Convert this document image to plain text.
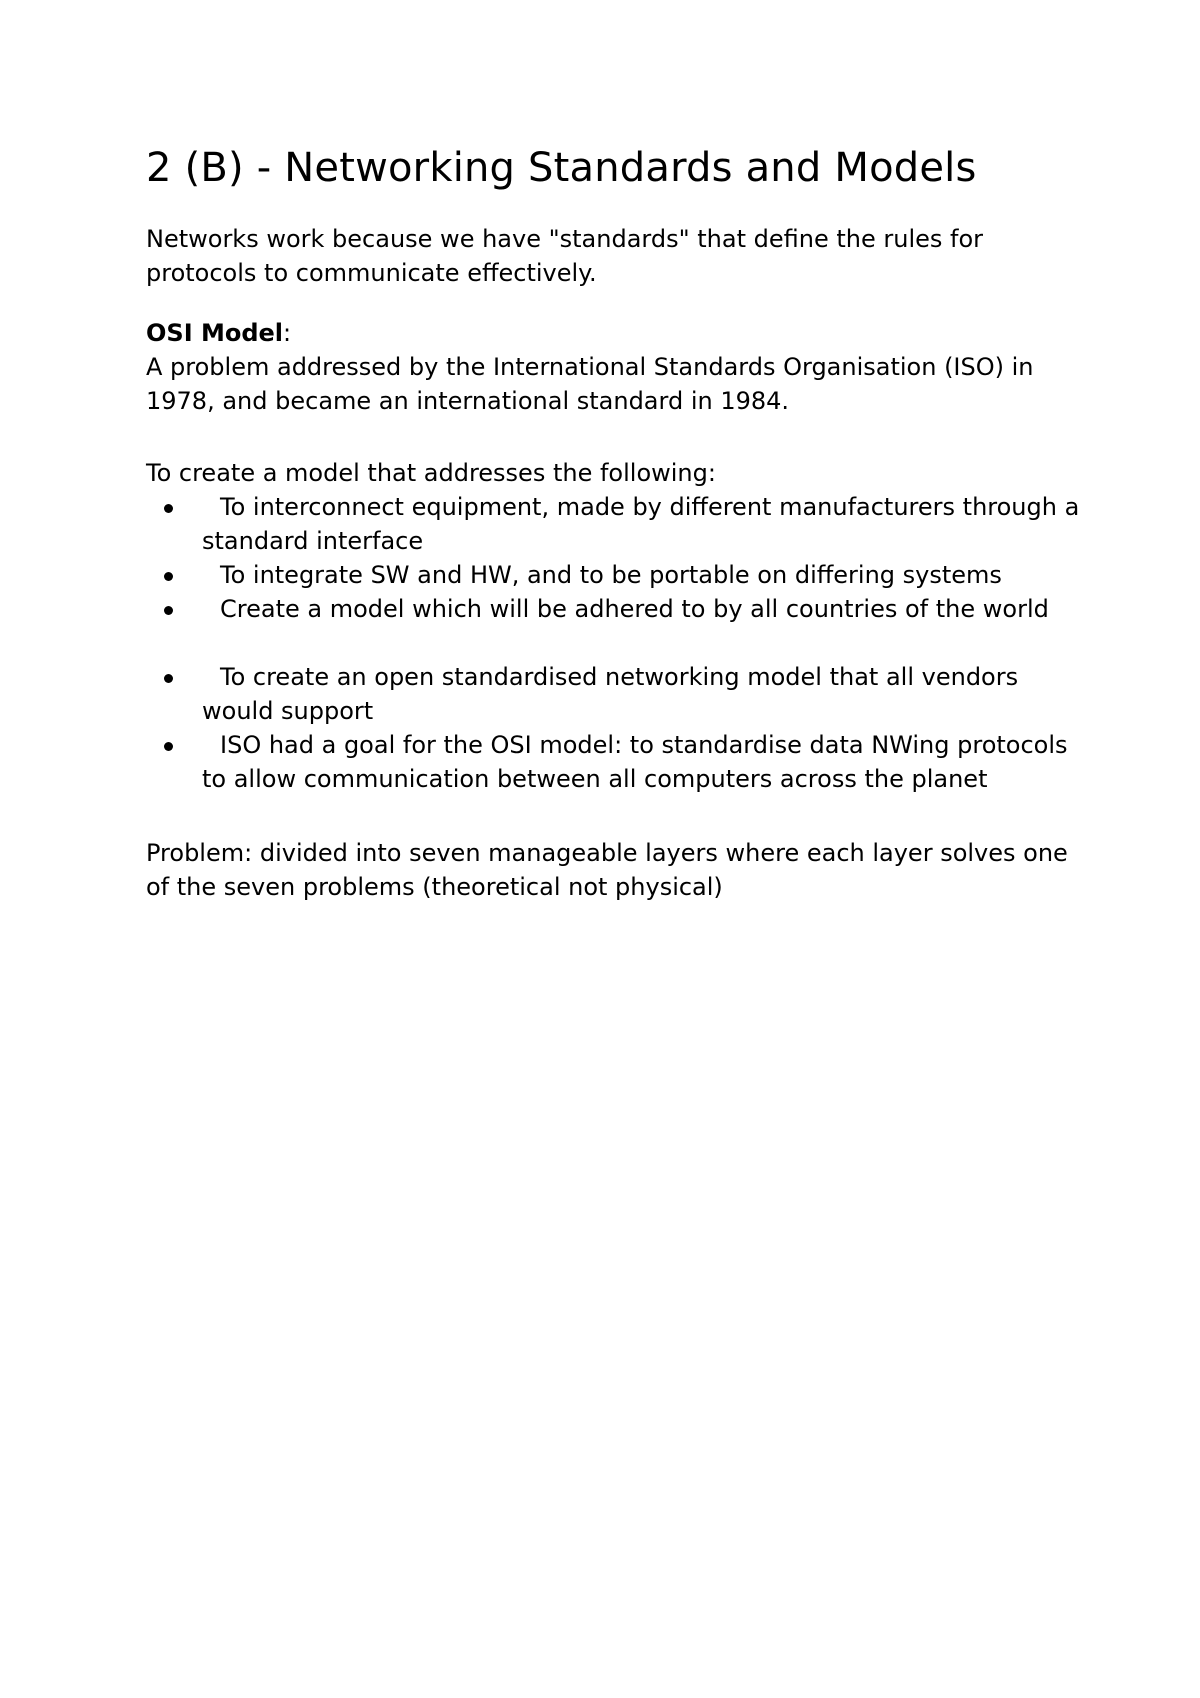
2 (B) - Networking Standards and Models

Networks work because we have "standards" that define the rules for protocols to communicate effectively.

OSI Model:

A problem addressed by the International Standards Organisation (ISO) in 1978, and became an international standard in 1984.

To create a model that addresses the following:

To interconnect equipment, made by different manufacturers through a standard interface
To integrate SW and HW, and to be portable on differing systems
Create a model which will be adhered to by all countries of the world
To create an open standardised networking model that all vendors would support
ISO had a goal for the OSI model: to standardise data NWing protocols to allow communication between all computers across the planet

Problem: divided into seven manageable layers where each layer solves one of the seven problems (theoretical not physical)
